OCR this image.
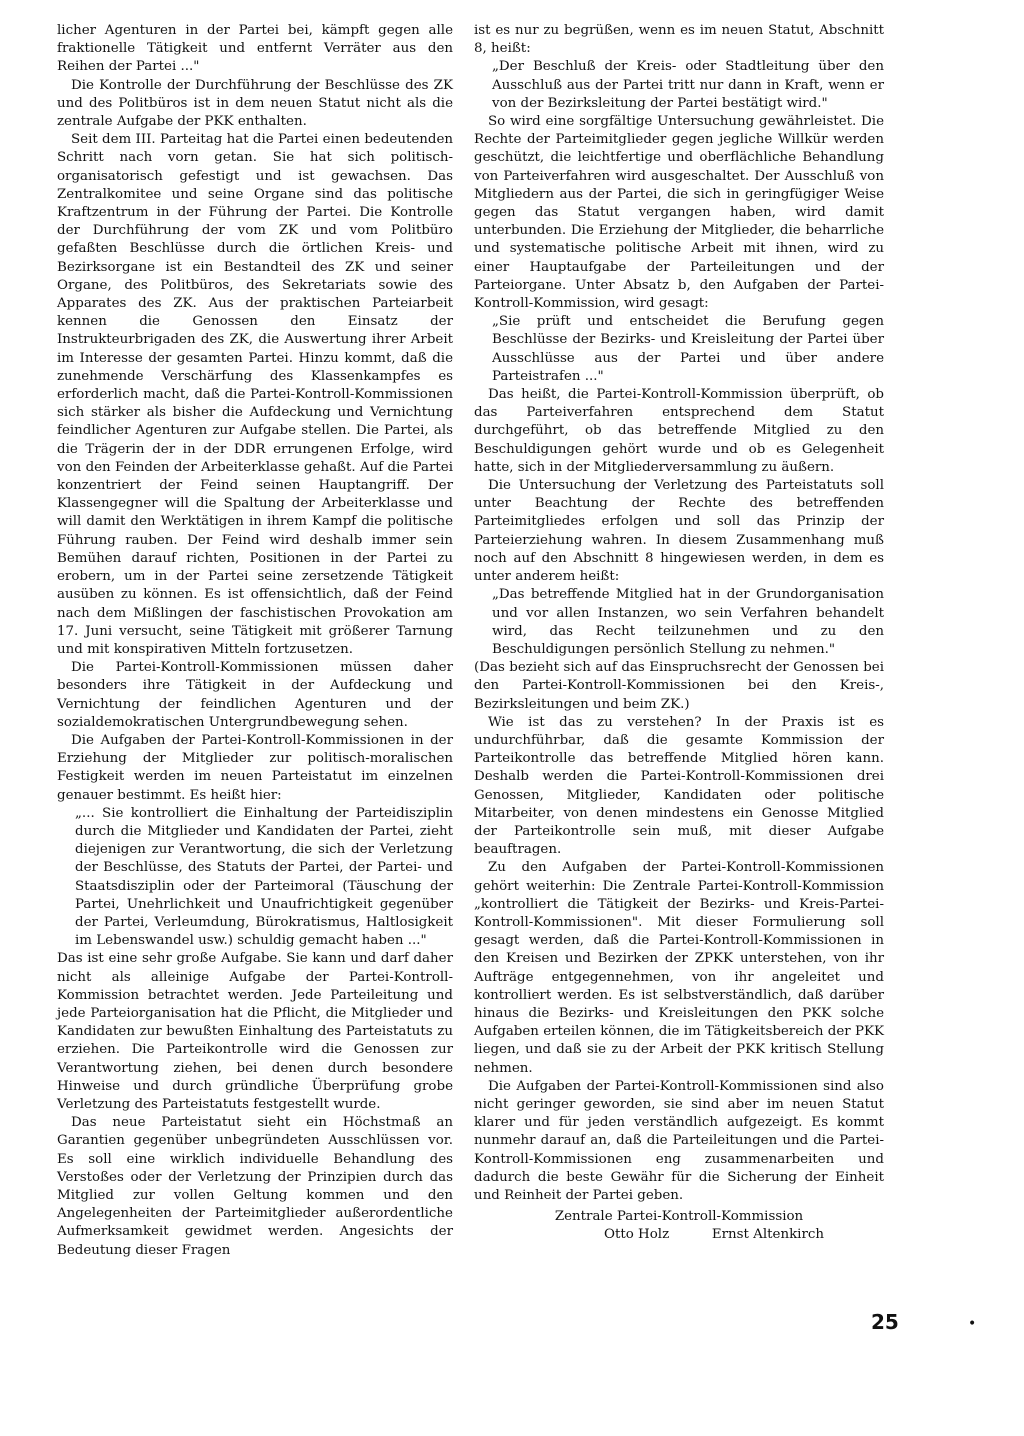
licher Agenturen in der Partei bei, kämpft gegen alle fraktionelle Tätigkeit und entfernt Verräter aus den Reihen der Partei ..."

Die Kontrolle der Durchführung der Beschlüsse des ZK und des Politbüros ist in dem neuen Statut nicht als die zentrale Aufgabe der PKK enthalten.

Seit dem III. Parteitag hat die Partei einen bedeutenden Schritt nach vorn getan. Sie hat sich politisch-organisatorisch gefestigt und ist gewachsen. Das Zentralkomitee und seine Organe sind das politische Kraftzentrum in der Führung der Partei. Die Kontrolle der Durchführung der vom ZK und vom Politbüro gefaßten Beschlüsse durch die örtlichen Kreis- und Bezirksorgane ist ein Bestandteil des ZK und seiner Organe, des Politbüros, des Sekretariats sowie des Apparates des ZK. Aus der praktischen Parteiarbeit kennen die Genossen den Einsatz der Instrukteurbrigaden des ZK, die Auswertung ihrer Arbeit im Interesse der gesamten Partei. Hinzu kommt, daß die zunehmende Verschärfung des Klassenkampfes es erforderlich macht, daß die Partei-Kontroll-Kommissionen sich stärker als bisher die Aufdeckung und Vernichtung feindlicher Agenturen zur Aufgabe stellen. Die Partei, als die Trägerin der in der DDR errungenen Erfolge, wird von den Feinden der Arbeiterklasse gehaßt. Auf die Partei konzentriert der Feind seinen Hauptangriff. Der Klassengegner will die Spaltung der Arbeiterklasse und will damit den Werktätigen in ihrem Kampf die politische Führung rauben. Der Feind wird deshalb immer sein Bemühen darauf richten, Positionen in der Partei zu erobern, um in der Partei seine zersetzende Tätigkeit ausüben zu können. Es ist offensichtlich, daß der Feind nach dem Mißlingen der faschistischen Provokation am 17. Juni versucht, seine Tätigkeit mit größerer Tarnung und mit konspirativen Mitteln fortzusetzen.

Die Partei-Kontroll-Kommissionen müssen daher besonders ihre Tätigkeit in der Aufdeckung und Vernichtung der feindlichen Agenturen und der sozialdemokratischen Untergrundbewegung sehen.

Die Aufgaben der Partei-Kontroll-Kommissionen in der Erziehung der Mitglieder zur politisch-moralischen Festigkeit werden im neuen Parteistatut im einzelnen genauer bestimmt. Es heißt hier:

„... Sie kontrolliert die Einhaltung der Parteidisziplin durch die Mitglieder und Kandidaten der Partei, zieht diejenigen zur Verantwortung, die sich der Verletzung der Beschlüsse, des Statuts der Partei, der Partei- und Staatsdisziplin oder der Parteimoral (Täuschung der Partei, Unehrlichkeit und Unaufrichtigkeit gegenüber der Partei, Verleumdung, Bürokratismus, Haltlosigkeit im Lebenswandel usw.) schuldig gemacht haben ..."

Das ist eine sehr große Aufgabe. Sie kann und darf daher nicht als alleinige Aufgabe der Partei-Kontroll-Kommission betrachtet werden. Jede Parteileitung und jede Parteiorganisation hat die Pflicht, die Mitglieder und Kandidaten zur bewußten Einhaltung des Parteistatuts zu erziehen. Die Parteikontrolle wird die Genossen zur Verantwortung ziehen, bei denen durch besondere Hinweise und durch gründliche Überprüfung grobe Verletzung des Parteistatuts festgestellt wurde.

Das neue Parteistatut sieht ein Höchstmaß an Garantien gegenüber unbegründeten Ausschlüssen vor. Es soll eine wirklich individuelle Behandlung des Verstoßes oder der Verletzung der Prinzipien durch das Mitglied zur vollen Geltung kommen und den Angelegenheiten der Parteimitglieder außerordentliche Aufmerksamkeit gewidmet werden. Angesichts der Bedeutung dieser Fragen

ist es nur zu begrüßen, wenn es im neuen Statut, Abschnitt 8, heißt:

„Der Beschluß der Kreis- oder Stadtleitung über den Ausschluß aus der Partei tritt nur dann in Kraft, wenn er von der Bezirksleitung der Partei bestätigt wird."

So wird eine sorgfältige Untersuchung gewährleistet. Die Rechte der Parteimitglieder gegen jegliche Willkür werden geschützt, die leichtfertige und oberflächliche Behandlung von Parteiverfahren wird ausgeschaltet. Der Ausschluß von Mitgliedern aus der Partei, die sich in geringfügiger Weise gegen das Statut vergangen haben, wird damit unterbunden. Die Erziehung der Mitglieder, die beharrliche und systematische politische Arbeit mit ihnen, wird zu einer Hauptaufgabe der Parteileitungen und der Parteiorgane. Unter Absatz b, den Aufgaben der Partei-Kontroll-Kommission, wird gesagt:

„Sie prüft und entscheidet die Berufung gegen Beschlüsse der Bezirks- und Kreisleitung der Partei über Ausschlüsse aus der Partei und über andere Parteistrafen ..."

Das heißt, die Partei-Kontroll-Kommission überprüft, ob das Parteiverfahren entsprechend dem Statut durchgeführt, ob das betreffende Mitglied zu den Beschuldigungen gehört wurde und ob es Gelegenheit hatte, sich in der Mitgliederversammlung zu äußern.

Die Untersuchung der Verletzung des Parteistatuts soll unter Beachtung der Rechte des betreffenden Parteimitgliedes erfolgen und soll das Prinzip der Parteierziehung wahren. In diesem Zusammenhang muß noch auf den Abschnitt 8 hingewiesen werden, in dem es unter anderem heißt:

„Das betreffende Mitglied hat in der Grundorganisation und vor allen Instanzen, wo sein Verfahren behandelt wird, das Recht teilzunehmen und zu den Beschuldigungen persönlich Stellung zu nehmen."

(Das bezieht sich auf das Einspruchsrecht der Genossen bei den Partei-Kontroll-Kommissionen bei den Kreis-, Bezirksleitungen und beim ZK.)

Wie ist das zu verstehen? In der Praxis ist es undurchführbar, daß die gesamte Kommission der Parteikontrolle das betreffende Mitglied hören kann. Deshalb werden die Partei-Kontroll-Kommissionen drei Genossen, Mitglieder, Kandidaten oder politische Mitarbeiter, von denen mindestens ein Genosse Mitglied der Parteikontrolle sein muß, mit dieser Aufgabe beauftragen.

Zu den Aufgaben der Partei-Kontroll-Kommissionen gehört weiterhin: Die Zentrale Partei-Kontroll-Kommission „kontrolliert die Tätigkeit der Bezirks- und Kreis-Partei-Kontroll-Kommissionen". Mit dieser Formulierung soll gesagt werden, daß die Partei-Kontroll-Kommissionen in den Kreisen und Bezirken der ZPKK unterstehen, von ihr Aufträge entgegennehmen, von ihr angeleitet und kontrolliert werden. Es ist selbstverständlich, daß darüber hinaus die Bezirks- und Kreisleitungen den PKK solche Aufgaben erteilen können, die im Tätigkeitsbereich der PKK liegen, und daß sie zu der Arbeit der PKK kritisch Stellung nehmen.

Die Aufgaben der Partei-Kontroll-Kommissionen sind also nicht geringer geworden, sie sind aber im neuen Statut klarer und für jeden verständlich aufgezeigt. Es kommt nunmehr darauf an, daß die Parteileitungen und die Partei-Kontroll-Kommissionen eng zusammenarbeiten und dadurch die beste Gewähr für die Sicherung der Einheit und Reinheit der Partei geben.

Zentrale Partei-Kontroll-Kommission
Otto Holz	Ernst Altenkirch
25	•
